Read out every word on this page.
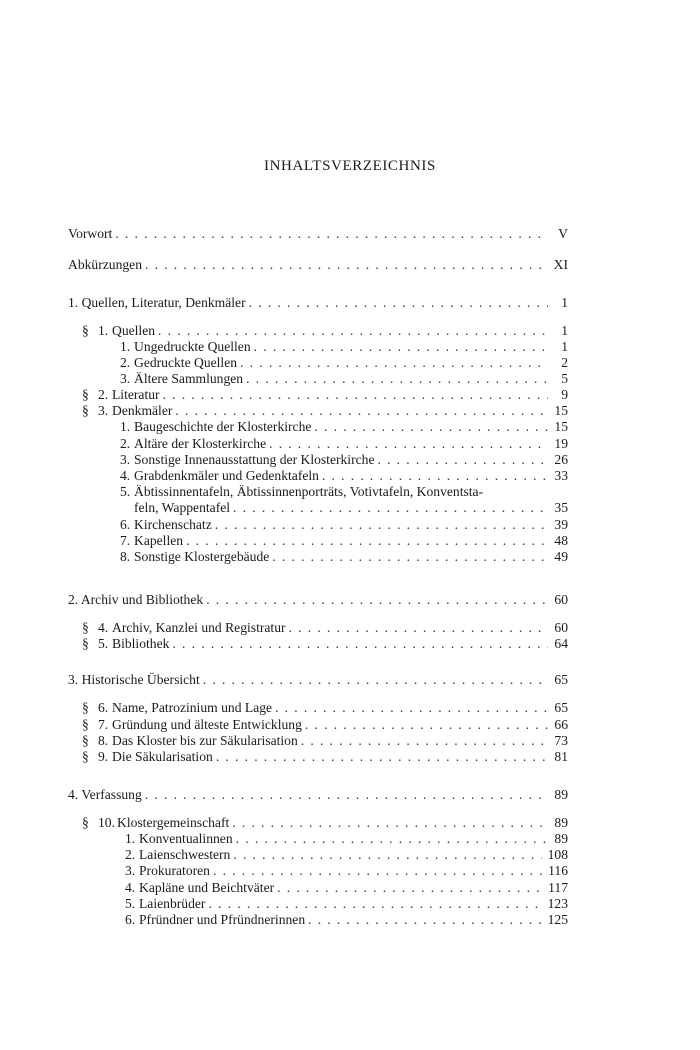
INHALTSVERZEICHNIS
Vorwort . . .	V
Abkürzungen . . .	XI
1. Quellen, Literatur, Denkmäler . . .	1
§ 1. Quellen . . .	1
1. Ungedruckte Quellen . . .	1
2. Gedruckte Quellen . . .	2
3. Ältere Sammlungen . . .	5
§ 2. Literatur . . .	9
§ 3. Denkmäler . . .	15
1. Baugeschichte der Klosterkirche . . .	15
2. Altäre der Klosterkirche . . .	19
3. Sonstige Innenausstattung der Klosterkirche . . .	26
4. Grabdenkmäler und Gedenktafeln . . .	33
5. Äbtissinnentafeln, Äbtissinnenporträts, Votivtafeln, Konventsta-
feln, Wappentafel . . .	35
6. Kirchenschatz . . .	39
7. Kapellen . . .	48
8. Sonstige Klostergebäude . . .	49
2. Archiv und Bibliothek . . .	60
§ 4. Archiv, Kanzlei und Registratur . . .	60
§ 5. Bibliothek . . .	64
3. Historische Übersicht . . .	65
§ 6. Name, Patrozinium und Lage . . .	65
§ 7. Gründung und älteste Entwicklung . . .	66
§ 8. Das Kloster bis zur Säkularisation . . .	73
§ 9. Die Säkularisation . . .	81
4. Verfassung . . .	89
§ 10. Klostergemeinschaft . . .	89
1. Konventualinnen . . .	89
2. Laienschwestern . . .	108
3. Prokuratoren . . .	116
4. Kapläne und Beichtväter . . .	117
5. Laienbrüder . . .	123
6. Pfründner und Pfründnerinnen . . .	125
